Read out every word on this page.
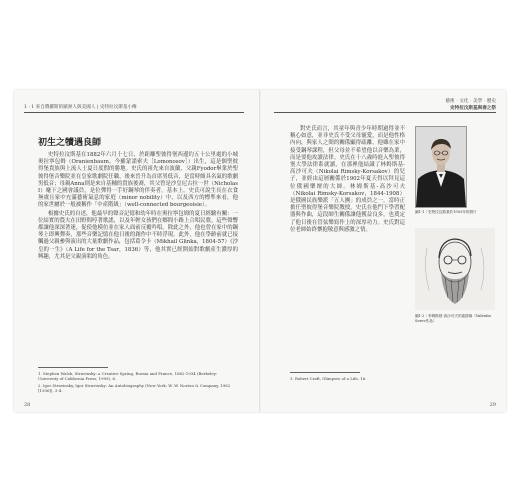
1 · 1 來自俄羅斯的歐洲人與美國人 | 史特拉汶斯基小傳
初生之犢遇良師

史特拉汶斯基在1882年六月十七日，於距離聖彼得堡西邊約五十公里處的小城奧拉寧包姆（Oranienbaum，今羅蒙諾索夫［Lomonosov］）出生，這是個聖彼得堡貴族與上流人士夏日度假的勝地。史氏的祖先來自波蘭，父親Fyodor畢業於聖彼得堡音樂院並在皇家歌劇院任職，後來晉升為首席男低音，是當時頗具名氣的歌劇男低音；母親Anna則是來自基輔的貴族後裔，其父曾是沙皇尼古拉一世（Nicholas I）麾下之國會議員，是位彈得一手好鋼琴的伴奏者。基本上，史氏可說生長在衣食無虞且家中充滿藝術氣息的家庭（minor nobility）中，以及西方的標準來看，他的家世屬於一般被稱作「中產階級」（well-connected bourgeoisie）。

根據史氏的自述，他最早的聲音記憶和幼年時在奧拉寧包姆的夏日經驗有關：一位結實的農夫在田野間哼著歌謠，以及年輕女孩們在鄉間小路上合唱民歌。這些聲響都讓他深深著迷，促使他模仿並在家人面前反覆吟唱。除此之外，他也曾在家中的鋼琴上即興彈奏，那些音樂記憶在他日後的創作中不時浮現。此外，他在學齡前就已接觸過父親參與演出的大量歌劇作品，包括葛令卡（Mikhail Glinka，1804-57）《沙皇的一生》（A Life for the Tsar，1836）等，他其實已經開始對歌劇產生濃厚的興趣，尤其是父親演唱的角色。

1. Stephen Walsh, Stravinsky: a Creative Spring, Russia and France, 1882-1934 (Berkeley: University of California Press, 1999), 6.
2. Igor Stravinsky, Igor Stravinsky: An Autobiography (New York: W. W. Norton & Company, 1962 [1936]), 3-4.
28
藝術‧文化‧美學‧歷史
史特拉汶斯基與春之祭

對史氏而言，其童年與青少年時期過得並不稱心如意，並非史氏不受父母寵愛，而是他性格內向，與家人之間的關係顯得疏離。他雖在家中接受鋼琴課程，但父母並不希望他以音樂為業，而是要他攻讀法律。史氏在十八歲時進入聖彼得堡大學法律系就讀，在那裡他結識了林姆斯基-高沙可夫（Nikolai Rimsky-Korsakov）的兒子，並經由這層關係於1902年夏天得以拜見這位俄國樂壇的大師。林姆斯基-高沙可夫（Nikolai Rimsky-Korsakov，1844-1908）是俄國民族樂派「五人團」的成員之一，當時正擔任聖彼得堡音樂院教授。史氏在他門下學習配器與作曲，這段師生關係讓他獲益良多，也奠定了他日後在管弦樂寫作上的深厚功力。史氏對這位老師始終懷抱敬意與感激之情。

圖1-1｜史特拉汶斯基於1903年的照片
圖1-2｜李姆斯基-高沙可夫的素描像（Valentin Serov作品）
3. Robert Craft, Glimpses of a Life, 16.
29
